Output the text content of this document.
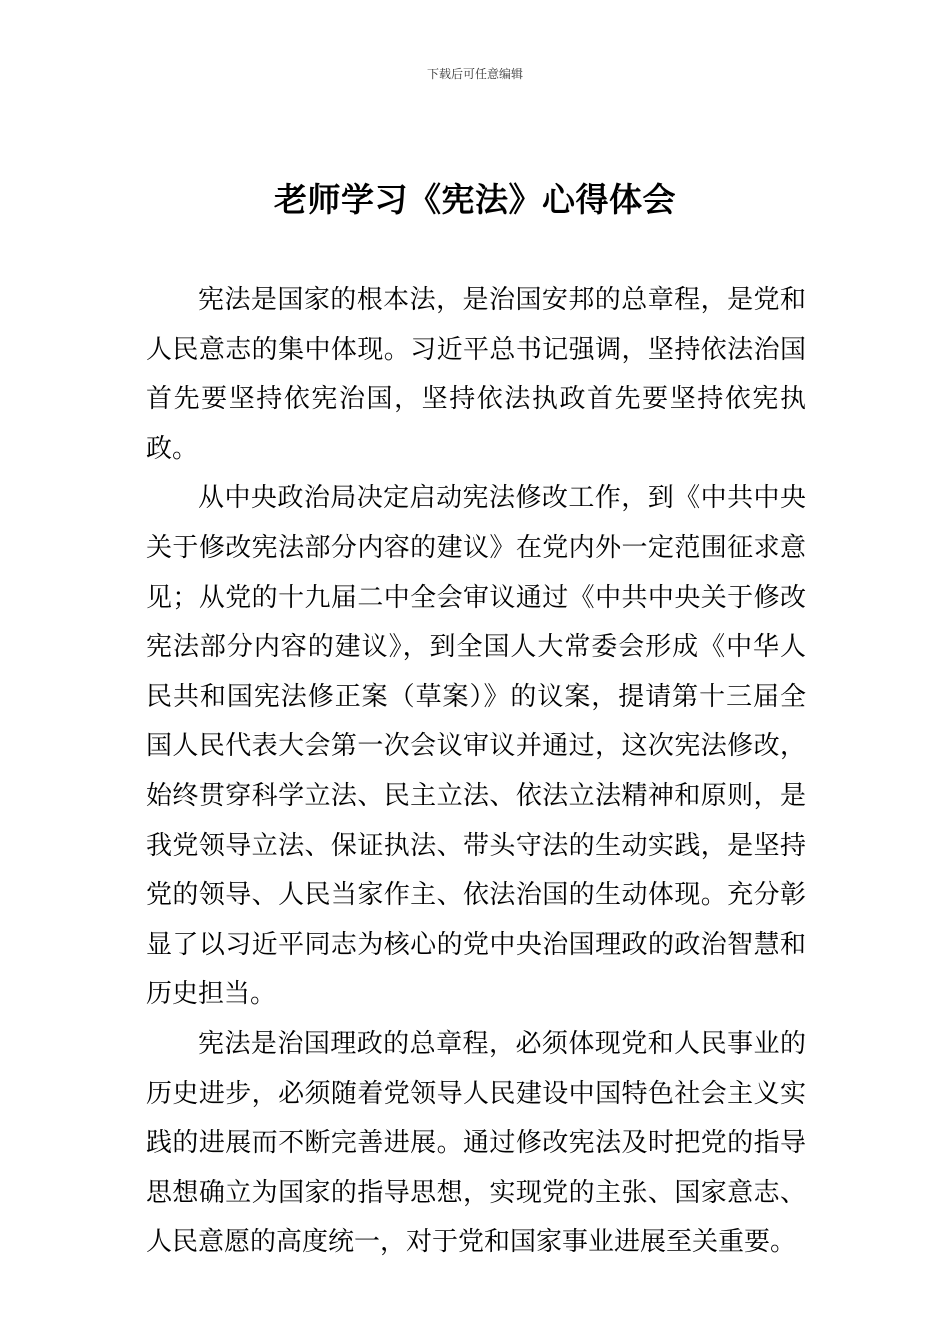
下载后可任意编辑
老师学习《宪法》心得体会

宪法是国家的根本法，是治国安邦的总章程，是党和人民意志的集中体现。习近平总书记强调，坚持依法治国首先要坚持依宪治国，坚持依法执政首先要坚持依宪执政。

从中央政治局决定启动宪法修改工作，到《中共中央关于修改宪法部分内容的建议》在党内外一定范围征求意见；从党的十九届二中全会审议通过《中共中央关于修改宪法部分内容的建议》，到全国人大常委会形成《中华人民共和国宪法修正案（草案）》的议案，提请第十三届全国人民代表大会第一次会议审议并通过，这次宪法修改，始终贯穿科学立法、民主立法、依法立法精神和原则，是我党领导立法、保证执法、带头守法的生动实践，是坚持党的领导、人民当家作主、依法治国的生动体现。充分彰显了以习近平同志为核心的党中央治国理政的政治智慧和历史担当。

宪法是治国理政的总章程，必须体现党和人民事业的历史进步，必须随着党领导人民建设中国特色社会主义实践的进展而不断完善进展。通过修改宪法及时把党的指导思想确立为国家的指导思想，实现党的主张、国家意志、人民意愿的高度统一，对于党和国家事业进展至关重要。
